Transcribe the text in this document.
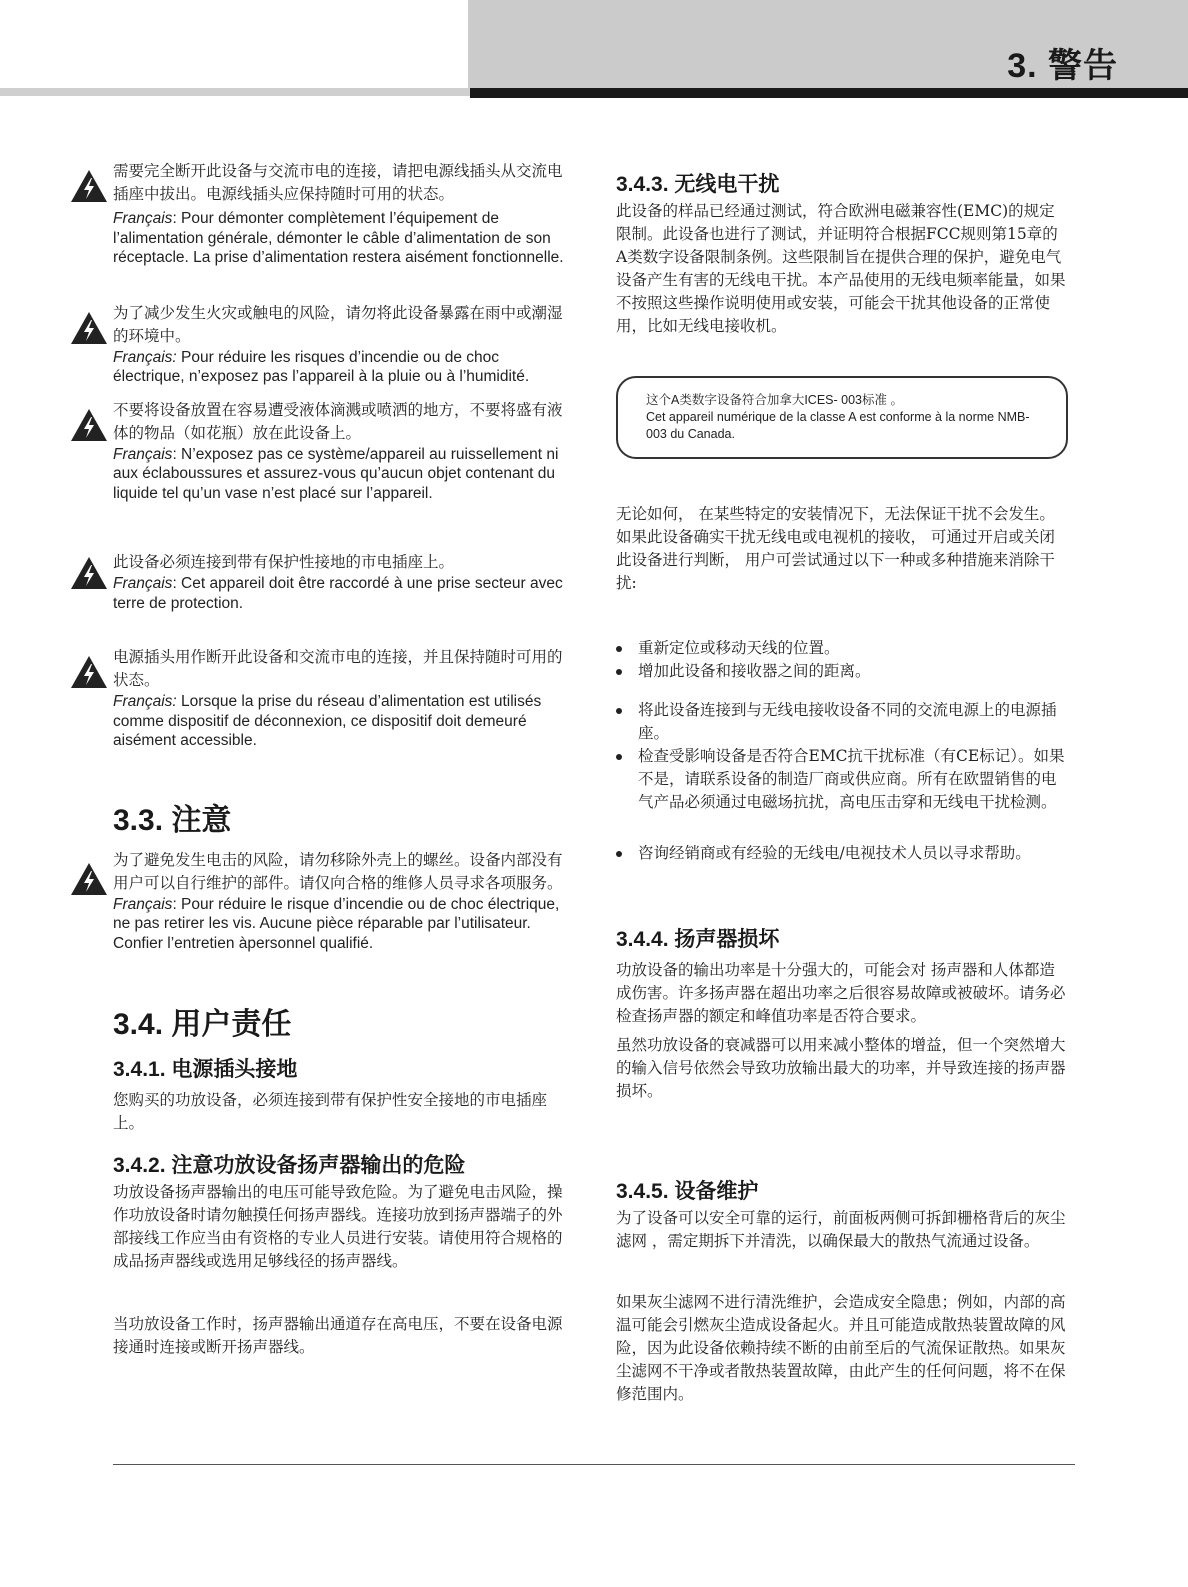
3. 警告

需要完全断开此设备与交流市电的连接，请把电源线插头从交流电插座中拔出。电源线插头应保持随时可用的状态。

Français: Pour démonter complètement l’équipement de l’alimentation générale, démonter le câble d’alimentation de son réceptacle. La prise d’alimentation restera aisément fonctionnelle.

为了减少发生火灾或触电的风险，请勿将此设备暴露在雨中或潮湿的环境中。

Français: Pour réduire les risques d’incendie ou de choc électrique, n’exposez pas l’appareil à la pluie ou à l’humidité.

不要将设备放置在容易遭受液体滴溅或喷洒的地方，不要将盛有液体的物品（如花瓶）放在此设备上。

Français: N’exposez pas ce système/appareil au ruissellement ni aux éclaboussures et assurez-vous qu’aucun objet contenant du liquide tel qu’un vase n’est placé sur l’appareil.

此设备必须连接到带有保护性接地的市电插座上。

Français: Cet appareil doit être raccordé à une prise secteur avec terre de protection.

电源插头用作断开此设备和交流市电的连接，并且保持随时可用的状态。

Français: Lorsque la prise du réseau d’alimentation est utilisés comme dispositif de déconnexion, ce dispositif doit demeuré aisément accessible.

3.3. 注意

为了避免发生电击的风险，请勿移除外壳上的螺丝。设备内部没有用户可以自行维护的部件。请仅向合格的维修人员寻求各项服务。

Français: Pour réduire le risque d’incendie ou de choc électrique, ne pas retirer les vis. Aucune pièce réparable par l’utilisateur. Confier l’entretien àpersonnel qualifié.

3.4. 用户责任
3.4.1. 电源插头接地

您购买的功放设备，必须连接到带有保护性安全接地的市电插座上。

3.4.2. 注意功放设备扬声器输出的危险

功放设备扬声器输出的电压可能导致危险。为了避免电击风险，操作功放设备时请勿触摸任何扬声器线。连接功放到扬声器端子的外部接线工作应当由有资格的专业人员进行安装。请使用符合规格的成品扬声器线或选用足够线径的扬声器线。

当功放设备工作时，扬声器输出通道存在高电压，不要在设备电源接通时连接或断开扬声器线。

3.4.3. 无线电干扰

此设备的样品已经通过测试，符合欧洲电磁兼容性(EMC)的规定限制。此设备也进行了测试，并证明符合根据FCC规则第15章的A类数字设备限制条例。这些限制旨在提供合理的保护，避免电气设备产生有害的无线电干扰。本产品使用的无线电频率能量，如果不按照这些操作说明使用或安装，可能会干扰其他设备的正常使用，比如无线电接收机。

这个A类数字设备符合加拿大ICES- 003标准 。

Cet appareil numérique de la classe A est conforme à la norme NMB-003 du Canada.

无论如何， 在某些特定的安装情况下，无法保证干扰不会发生。如果此设备确实干扰无线电或电视机的接收， 可通过开启或关闭此设备进行判断， 用户可尝试通过以下一种或多种措施来消除干扰:

重新定位或移动天线的位置。
增加此设备和接收器之间的距离。

将此设备连接到与无线电接收设备不同的交流电源上的电源插座。

检查受影响设备是否符合EMC抗干扰标准（有CE标记）。如果不是，请联系设备的制造厂商或供应商。所有在欧盟销售的电气产品必须通过电磁场抗扰，高电压击穿和无线电干扰检测。

咨询经销商或有经验的无线电/电视技术人员以寻求帮助。
3.4.4. 扬声器损坏

功放设备的输出功率是十分强大的，可能会对 扬声器和人体都造成伤害。许多扬声器在超出功率之后很容易故障或被破坏。请务必检查扬声器的额定和峰值功率是否符合要求。

虽然功放设备的衰减器可以用来减小整体的增益，但一个突然增大的输入信号依然会导致功放输出最大的功率，并导致连接的扬声器损坏。

3.4.5. 设备维护

为了设备可以安全可靠的运行，前面板两侧可拆卸栅格背后的灰尘滤网 ，需定期拆下并清洗，以确保最大的散热气流通过设备。

如果灰尘滤网不进行清洗维护，会造成安全隐患；例如，内部的高温可能会引燃灰尘造成设备起火。并且可能造成散热装置故障的风险，因为此设备依赖持续不断的由前至后的气流保证散热。如果灰尘滤网不干净或者散热装置故障，由此产生的任何问题，将不在保修范围内。
